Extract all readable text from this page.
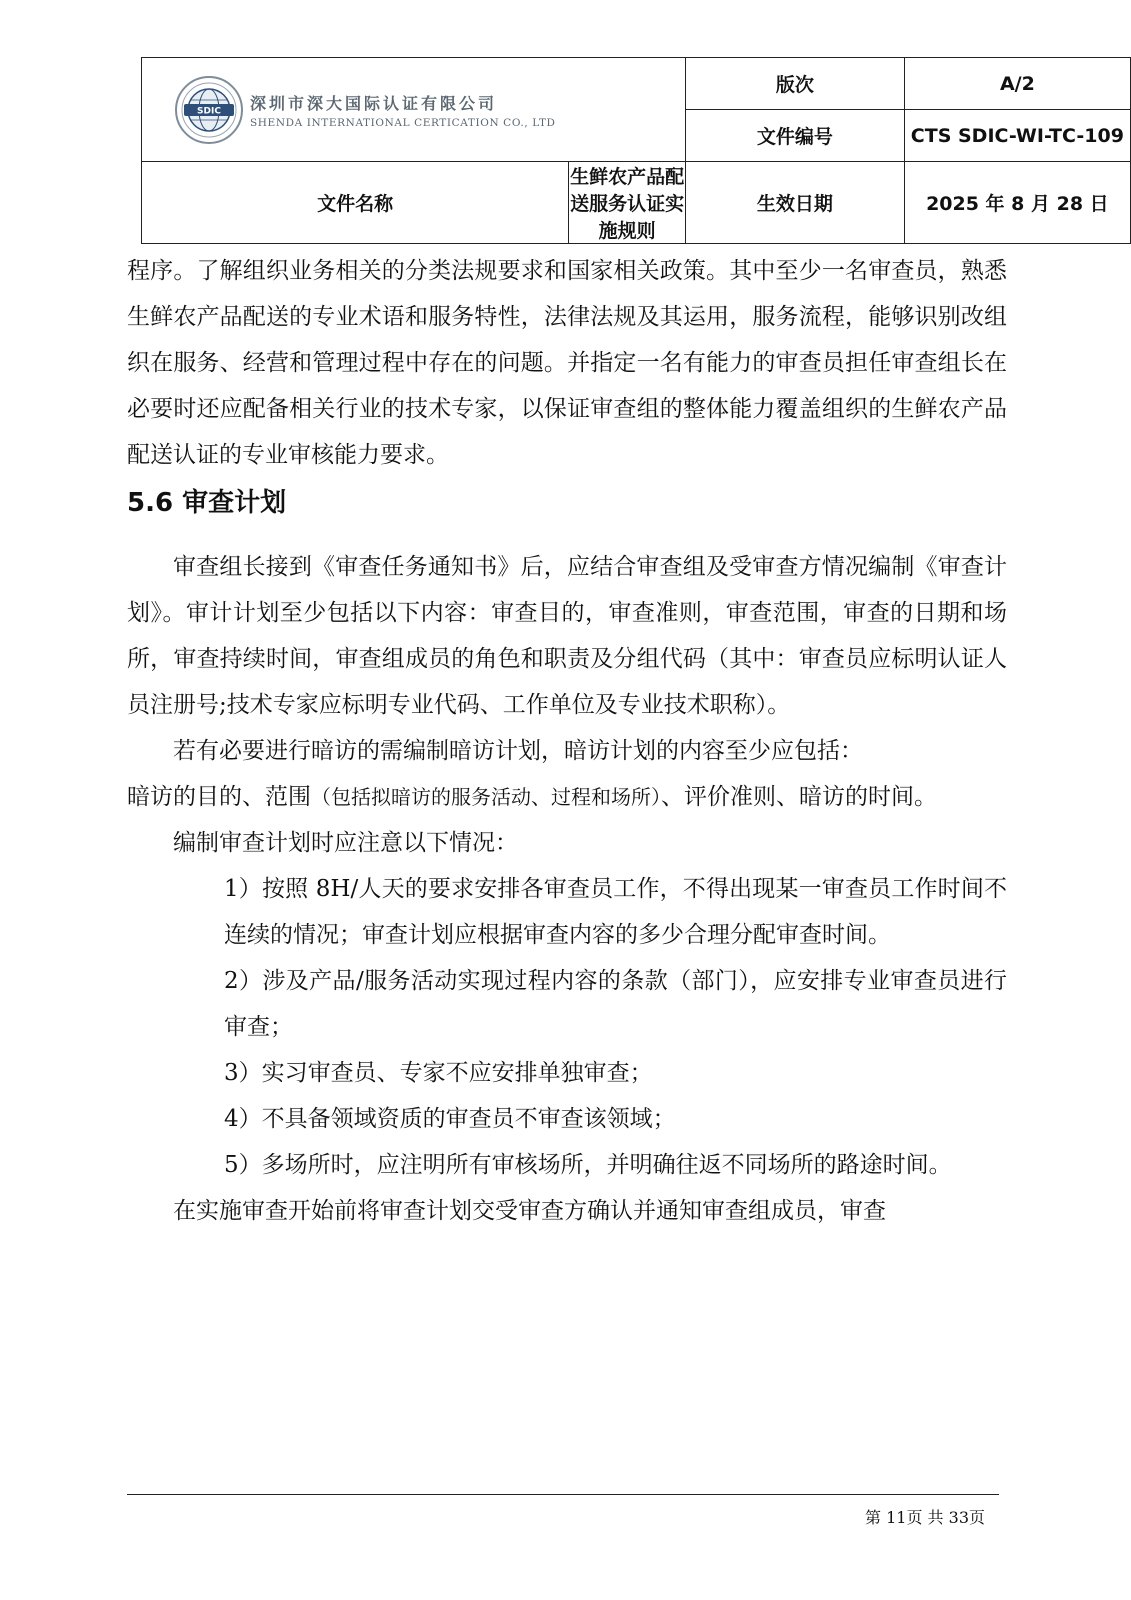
SDIC 深圳市深大国际认证有限公司
SHENDA INTERNATIONAL CERTICATION CO., LTD		版次	A/2
		文件编号	CTS SDIC-WI-TC-109
文件名称	生鲜农产品配送服务认证实施规则	生效日期	2025 年 8 月 28 日

程序。了解组织业务相关的分类法规要求和国家相关政策。其中至少一名审查员，熟悉生鲜农产品配送的专业术语和服务特性，法律法规及其运用，服务流程，能够识别改组织在服务、经营和管理过程中存在的问题。并指定一名有能力的审查员担任审查组长在必要时还应配备相关行业的技术专家，以保证审查组的整体能力覆盖组织的生鲜农产品配送认证的专业审核能力要求。

5.6 审查计划

审查组长接到《审查任务通知书》后，应结合审查组及受审查方情况编制《审查计划》。审计计划至少包括以下内容：审查目的，审查准则，审查范围，审查的日期和场所，审查持续时间，审查组成员的角色和职责及分组代码（其中：审查员应标明认证人员注册号;技术专家应标明专业代码、工作单位及专业技术职称）。

若有必要进行暗访的需编制暗访计划，暗访计划的内容至少应包括：

暗访的目的、范围（包括拟暗访的服务活动、过程和场所）、评价准则、暗访的时间。

编制审查计划时应注意以下情况：

1）按照 8H/人天的要求安排各审查员工作，不得出现某一审查员工作时间不连续的情况；审查计划应根据审查内容的多少合理分配审查时间。

2）涉及产品/服务活动实现过程内容的条款（部门），应安排专业审查员进行审查；

3）实习审查员、专家不应安排单独审查；

4）不具备领域资质的审查员不审查该领域；

5）多场所时，应注明所有审核场所，并明确往返不同场所的路途时间。

在实施审查开始前将审查计划交受审查方确认并通知审查组成员，审查

第 11页 共 33页
